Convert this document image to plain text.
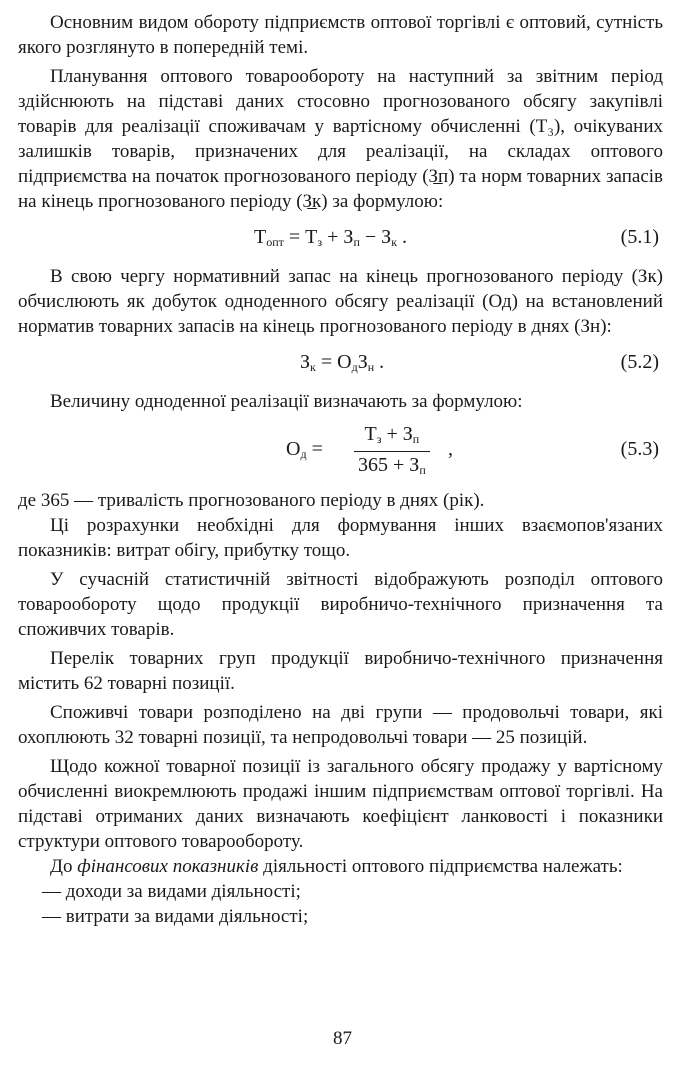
Основним видом обороту підприємств оптової торгівлі є оптовий, сутність якого розглянуто в попередній темі.

Планування оптового товарообороту на наступний за звітним період здійснюють на підставі даних стосовно прогнозованого обсягу закупівлі товарів для реалізації споживачам у вартісному обчисленні (Т₃), очікуваних залишків товарів, призначених для реалізації, на складах оптового підприємства на початок прогнозованого періоду (З̲п) та норм товарних запасів на кінець прогнозованого періоду (З̲к) за формулою:

$Т_{опт} = Т_з + З_п - З_к$ .	(5.1)

В свою чергу нормативний запас на кінець прогнозованого періоду (Зк) обчислюють як добуток одноденного обсягу реалізації (Од) на встановлений норматив товарних запасів на кінець прогнозованого періоду в днях (Зн):

$З_к = О_дЗ_н$ .	(5.2)

Величину одноденної реалізації визначають за формулою:

$О_д$ =
$Т_з + З_п$
$365 + З_п$
,	(5.3)

де 365 — тривалість прогнозованого періоду в днях (рік).

Ці розрахунки необхідні для формування інших взаємопов'язаних показників: витрат обігу, прибутку тощо.

У сучасній статистичній звітності відображують розподіл оптового товарообороту щодо продукції виробничо-технічного призначення та споживчих товарів.

Перелік товарних груп продукції виробничо-технічного призначення містить 62 товарні позиції.

Споживчі товари розподілено на дві групи — продовольчі товари, які охоплюють 32 товарні позиції, та непродовольчі товари — 25 позицій.

Щодо кожної товарної позиції із загального обсягу продажу у вартісному обчисленні виокремлюють продажі іншим підприємствам оптової торгівлі. На підставі отриманих даних визначають коефіцієнт ланковості і показники структури оптового товарообороту.

До фінансових показників діяльності оптового підприємства належать:

— доходи за видами діяльності;

— витрати за видами діяльності;

87
